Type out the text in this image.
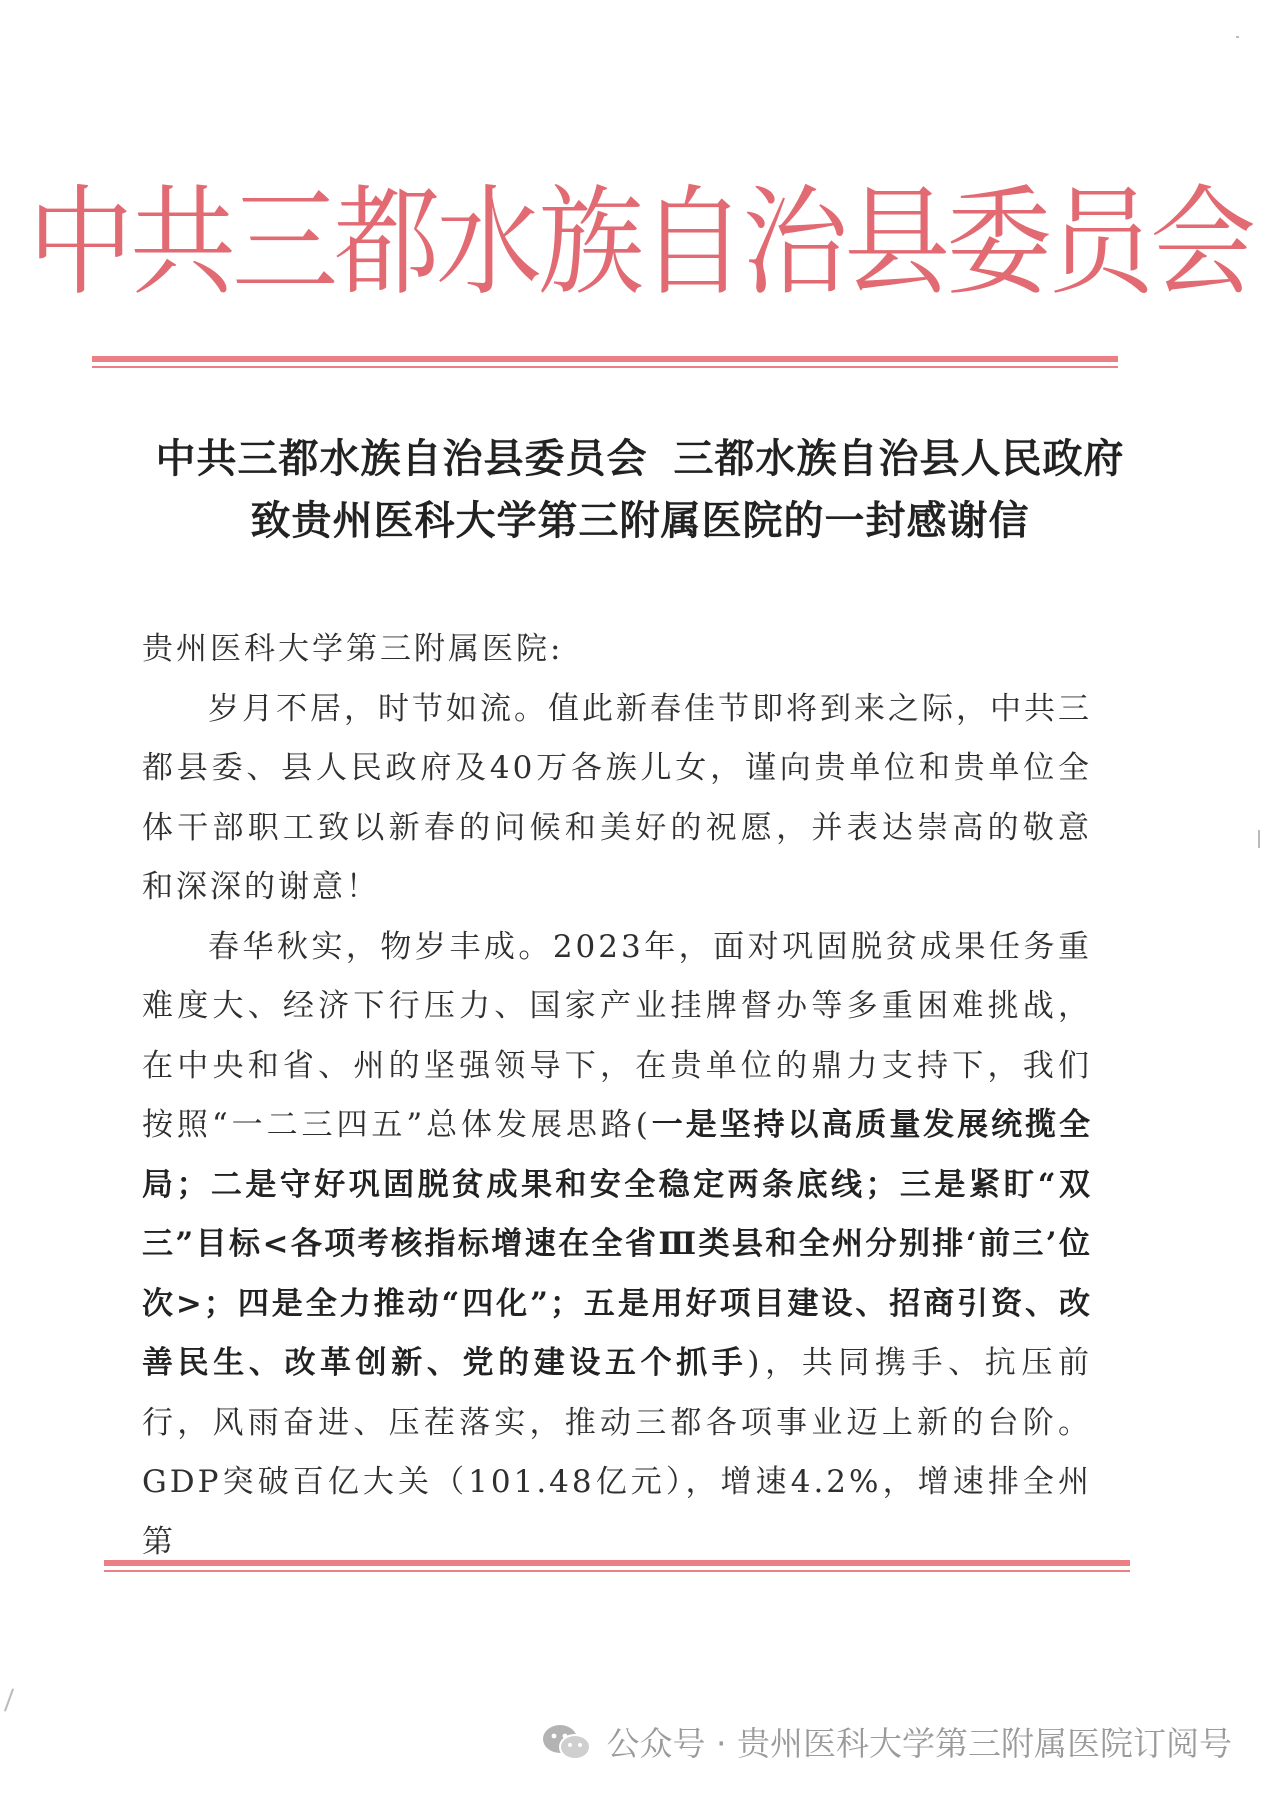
中共三都水族自治县委员会
中共三都水族自治县委员会 三都水族自治县人民政府
致贵州医科大学第三附属医院的一封感谢信

贵州医科大学第三附属医院:

岁月不居，时节如流。值此新春佳节即将到来之际，中共三都县委、县人民政府及40万各族儿女，谨向贵单位和贵单位全体干部职工致以新春的问候和美好的祝愿，并表达崇高的敬意和深深的谢意！

春华秋实，物岁丰成。2023年，面对巩固脱贫成果任务重难度大、经济下行压力、国家产业挂牌督办等多重困难挑战，在中央和省、州的坚强领导下，在贵单位的鼎力支持下，我们按照“一二三四五”总体发展思路(一是坚持以高质量发展统揽全局；二是守好巩固脱贫成果和安全稳定两条底线；三是紧盯“双三”目标<各项考核指标增速在全省Ⅲ类县和全州分别排‘前三’位次>；四是全力推动“四化”；五是用好项目建设、招商引资、改善民生、改革创新、党的建设五个抓手)，共同携手、抗压前行，风雨奋进、压茬落实，推动三都各项事业迈上新的台阶。GDP突破百亿大关（101.48亿元），增速4.2%，增速排全州第

公众号 · 贵州医科大学第三附属医院订阅号
